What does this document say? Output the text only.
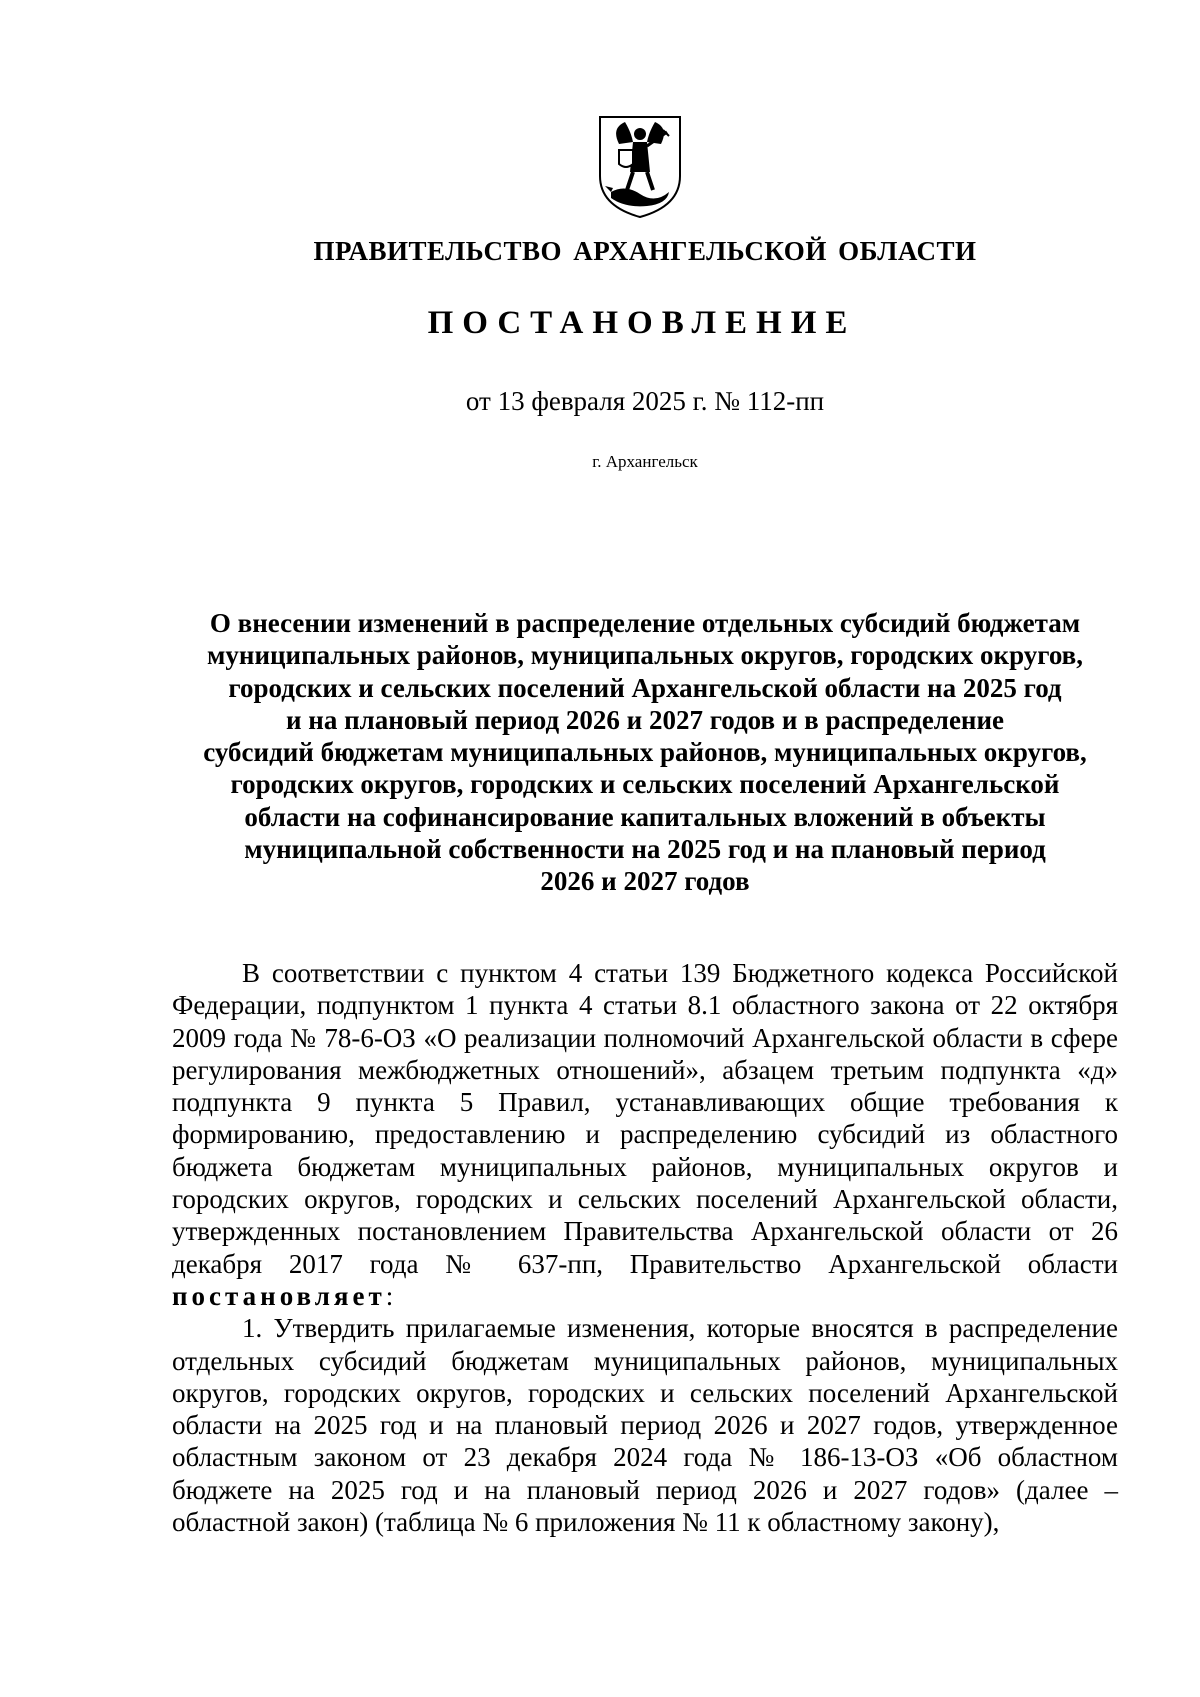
ПРАВИТЕЛЬСТВО АРХАНГЕЛЬСКОЙ ОБЛАСТИ
ПОСТАНОВЛЕНИЕ
от 13 февраля 2025 г. № 112-пп
г. Архангельск
О внесении изменений в распределение отдельных субсидий бюджетам
муниципальных районов, муниципальных округов, городских округов,
городских и сельских поселений Архангельской области на 2025 год
и на плановый период 2026 и 2027 годов и в распределение
субсидий бюджетам муниципальных районов, муниципальных округов,
городских округов, городских и сельских поселений Архангельской
области на софинансирование капитальных вложений в объекты
муниципальной собственности на 2025 год и на плановый период
2026 и 2027 годов

В соответствии с пунктом 4 статьи 139 Бюджетного кодекса Российской Федерации, подпунктом 1 пункта 4 статьи 8.1 областного закона от 22 октября 2009 года № 78-6-ОЗ «О реализации полномочий Архангельской области в сфере регулирования межбюджетных отношений», абзацем третьим подпункта «д» подпункта 9 пункта 5 Правил, устанавливающих общие требования к формированию, предоставлению и распределению субсидий из областного бюджета бюджетам муниципальных районов, муниципальных округов и городских округов, городских и сельских поселений Архангельской области, утвержденных постановлением Правительства Архангельской области от 26 декабря 2017 года № 637-пп, Правительство Архангельской области постановляет:

1. Утвердить прилагаемые изменения, которые вносятся в распределение отдельных субсидий бюджетам муниципальных районов, муниципальных округов, городских округов, городских и сельских поселений Архангельской области на 2025 год и на плановый период 2026 и 2027 годов, утвержденное областным законом от 23 декабря 2024 года № 186-13-ОЗ «Об областном бюджете на 2025 год и на плановый период 2026 и 2027 годов» (далее – областной закон) (таблица № 6 приложения № 11 к областному закону),
